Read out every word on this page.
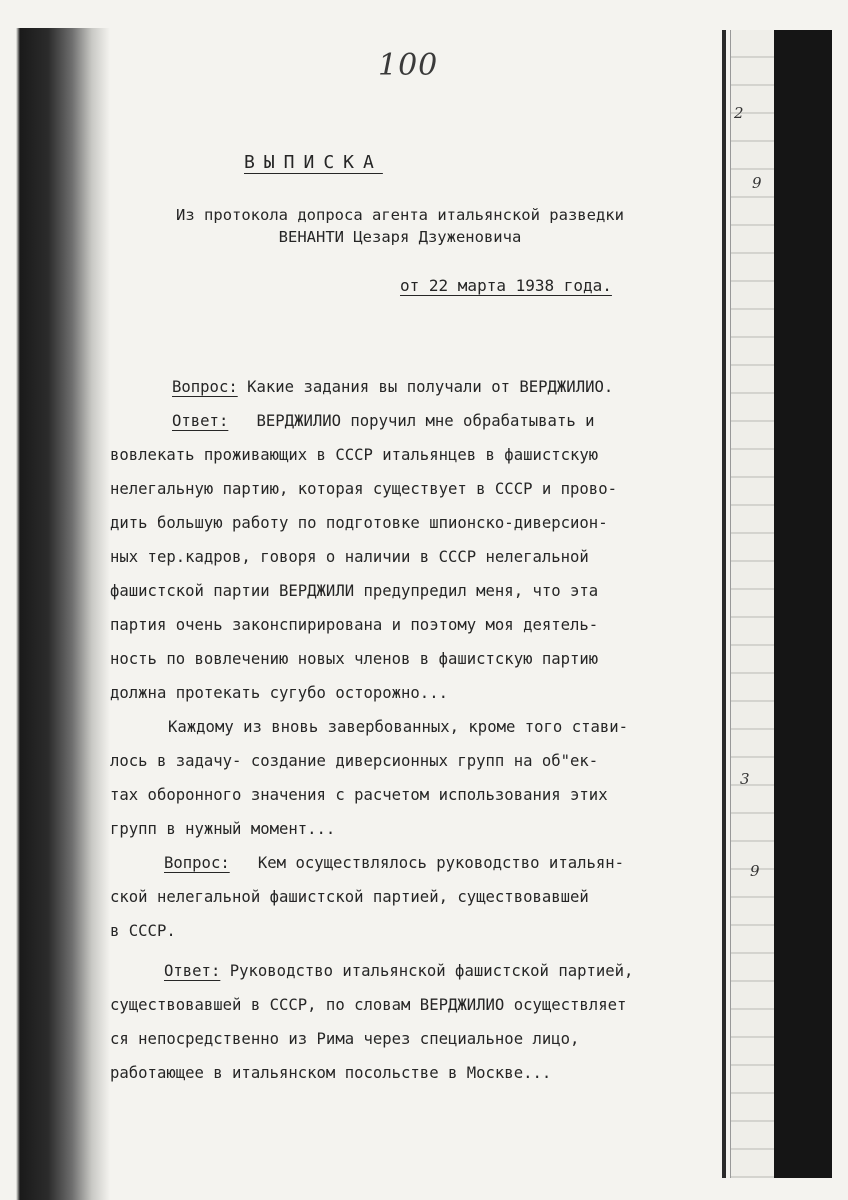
2
9
3
9
100
ВЫПИСКА
Из протокола допроса агента итальянской разведки
ВЕНАНТИ Цезаря Дзуженовича
от 22 марта 1938 года.
Вопрос: Какие задания вы получали от ВЕРДЖИЛИО.
Ответ: ВЕРДЖИЛИО поручил мне обрабатывать и
вовлекать проживающих в СССР итальянцев в фашистскую
нелегальную партию, которая существует в СССР и прово-
дить большую работу по подготовке шпионско-диверсион-
ных тер.кадров, говоря о наличии в СССР нелегальной
фашистской партии ВЕРДЖИЛИ предупредил меня, что эта
партия очень законспирирована и поэтому моя деятель-
ность по вовлечению новых членов в фашистскую партию
должна протекать сугубо осторожно...
Каждому из вновь завербованных, кроме того стави-
лось в задачу- создание диверсионных групп на об"ек-
тах оборонного значения с расчетом использования этих
групп в нужный момент...
Вопрос: Кем осуществлялось руководство итальян-
ской нелегальной фашистской партией, существовавшей
в СССР.
Ответ: Руководство итальянской фашистской партией,
существовавшей в СССР, по словам ВЕРДЖИЛИО осуществляет
ся непосредственно из Рима через специальное лицо,
работающее в итальянском посольстве в Москве...
